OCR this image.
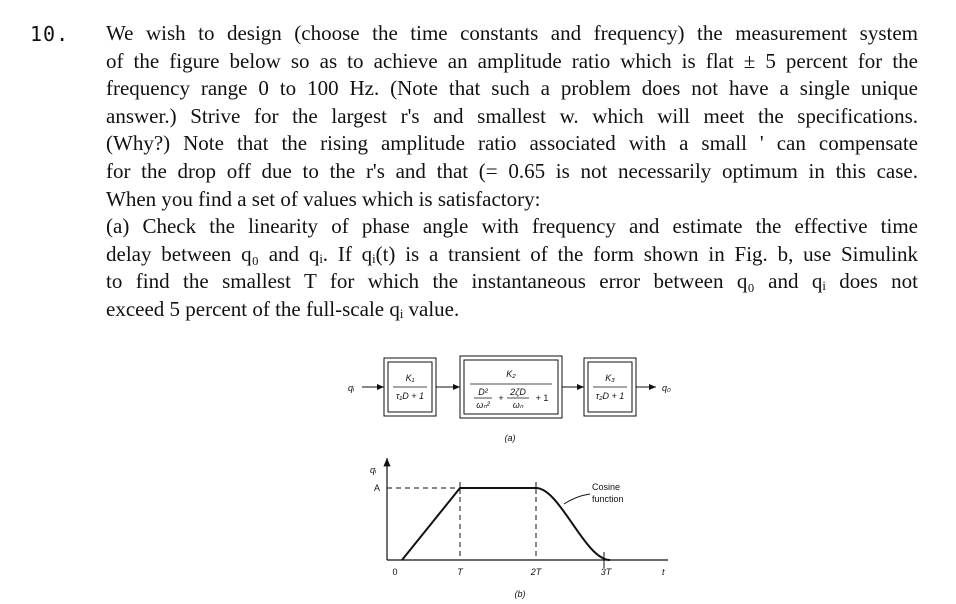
10. We wish to design (choose the time constants and frequency) the measurement system
of the figure below so as to achieve an amplitude ratio which is flat ± 5 percent for the
frequency range 0 to 100 Hz. (Note that such a problem does not have a single unique
answer.) Strive for the largest r's and smallest w. which will meet the specifications.
(Why?) Note that the rising amplitude ratio associated with a small ' can compensate
for the drop off due to the r's and that (= 0.65 is not necessarily optimum in this case.
When you find a set of values which is satisfactory:
(a) Check the linearity of phase angle with frequency and estimate the effective time
delay between q₀ and qᵢ. If qᵢ(t) is a transient of the form shown in Fig. b, use Simulink
to find the smallest T for which the instantaneous error between q₀ and qᵢ does not
exceed 5 percent of the full-scale qᵢ value.
qᵢ
K₁
τ₁D + 1
K₂
D²
ωₙ²
+
2ζD
ωₙ
+ 1
K₃
τ₂D + 1
q₀
(a)
qᵢ
t
A	Cosine
function
0	T	2T	3T
(b)
